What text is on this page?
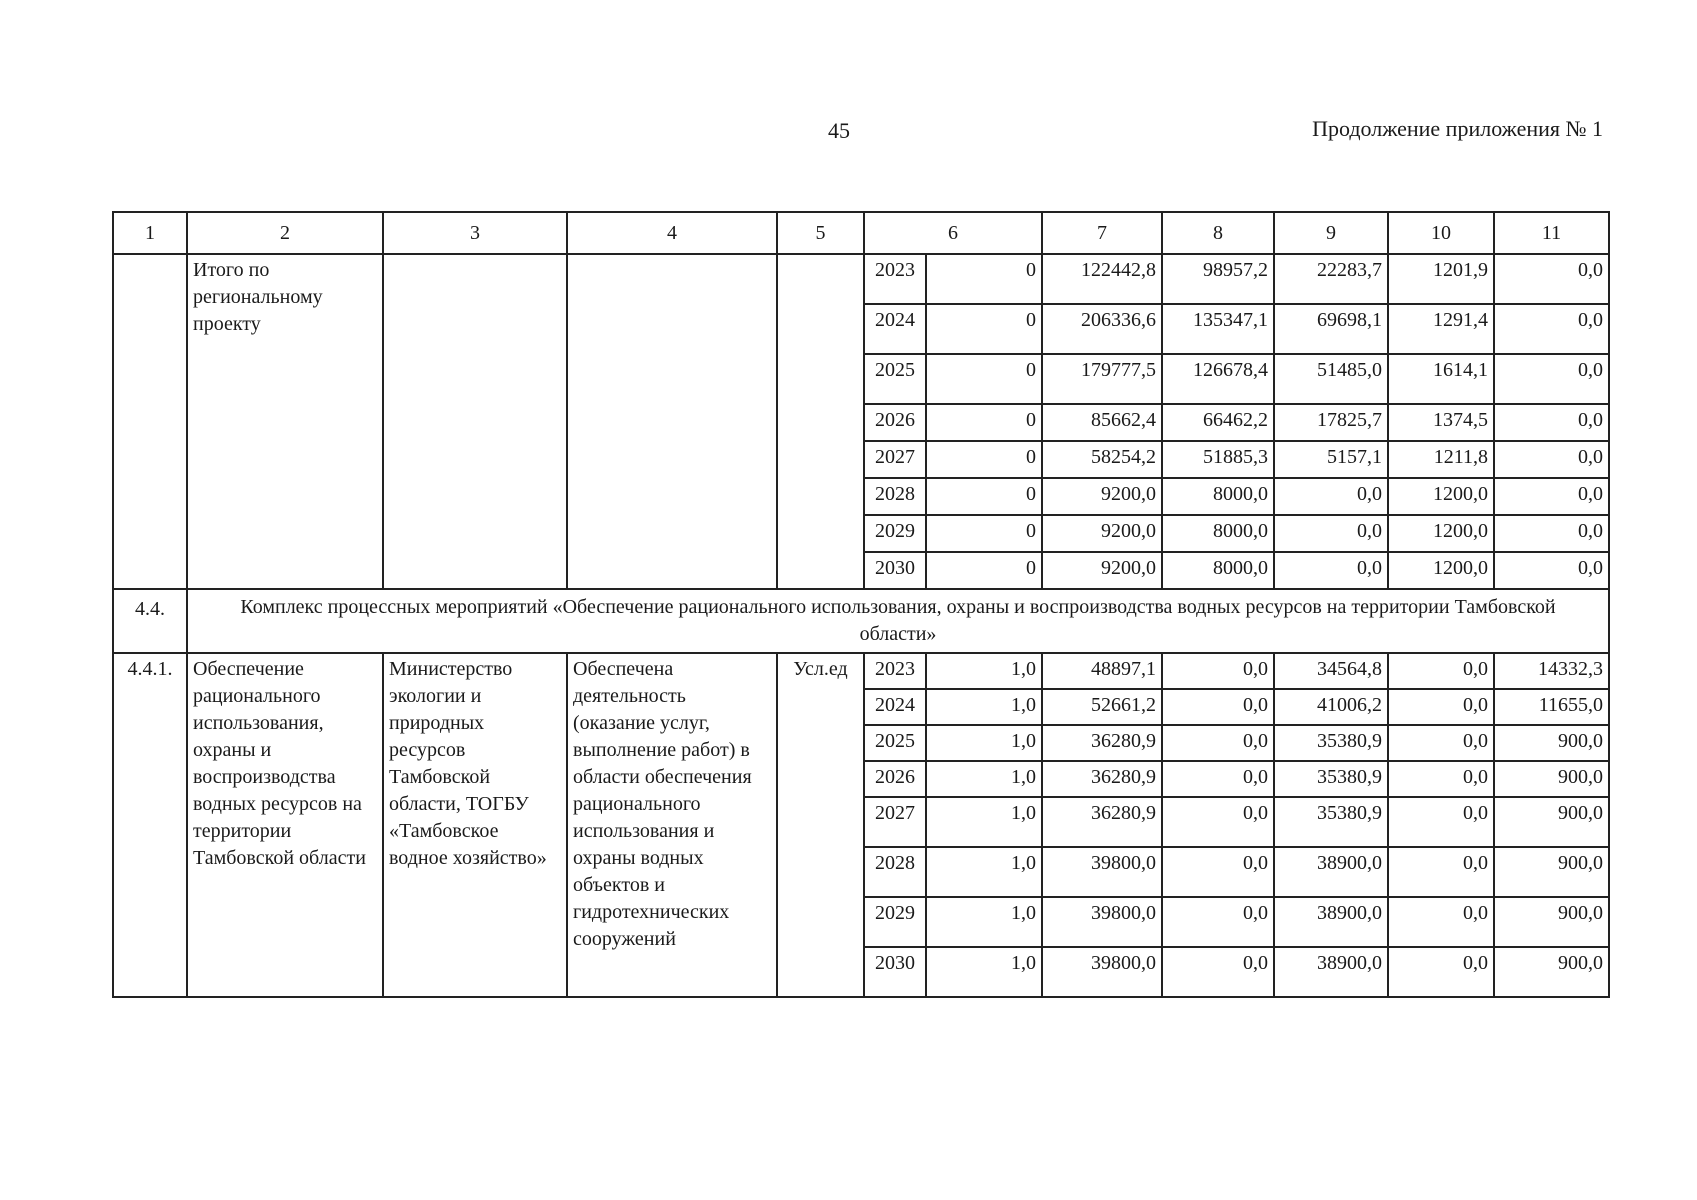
45	Продолжение приложения № 1
1	2	3	4	5	6		7	8	9	10	11
	Итого по региональному проекту				2023	0	122442,8	98957,2	22283,7	1201,9	0,0
					2024	0	206336,6	135347,1	69698,1	1291,4	0,0
					2025	0	179777,5	126678,4	51485,0	1614,1	0,0
					2026	0	85662,4	66462,2	17825,7	1374,5	0,0
					2027	0	58254,2	51885,3	5157,1	1211,8	0,0
					2028	0	9200,0	8000,0	0,0	1200,0	0,0
					2029	0	9200,0	8000,0	0,0	1200,0	0,0
					2030	0	9200,0	8000,0	0,0	1200,0	0,0
4.4.	Комплекс процессных мероприятий «Обеспечение рационального использования, охраны и воспроизводства водных ресурсов на территории Тамбовской области»										
4.4.1.	Обеспечение рационального использования, охраны и воспроизводства водных ресурсов на территории Тамбовской области	Министерство экологии и природных ресурсов Тамбовской области, ТОГБУ «Тамбовское водное хозяйство»	Обеспечена деятельность (оказание услуг, выполнение работ) в области обеспечения рационального использования и охраны водных объектов и гидротехнических сооружений	Усл.ед	2023	1,0	48897,1	0,0	34564,8	0,0	14332,3
					2024	1,0	52661,2	0,0	41006,2	0,0	11655,0
					2025	1,0	36280,9	0,0	35380,9	0,0	900,0
					2026	1,0	36280,9	0,0	35380,9	0,0	900,0
					2027	1,0	36280,9	0,0	35380,9	0,0	900,0
					2028	1,0	39800,0	0,0	38900,0	0,0	900,0
					2029	1,0	39800,0	0,0	38900,0	0,0	900,0
					2030	1,0	39800,0	0,0	38900,0	0,0	900,0
